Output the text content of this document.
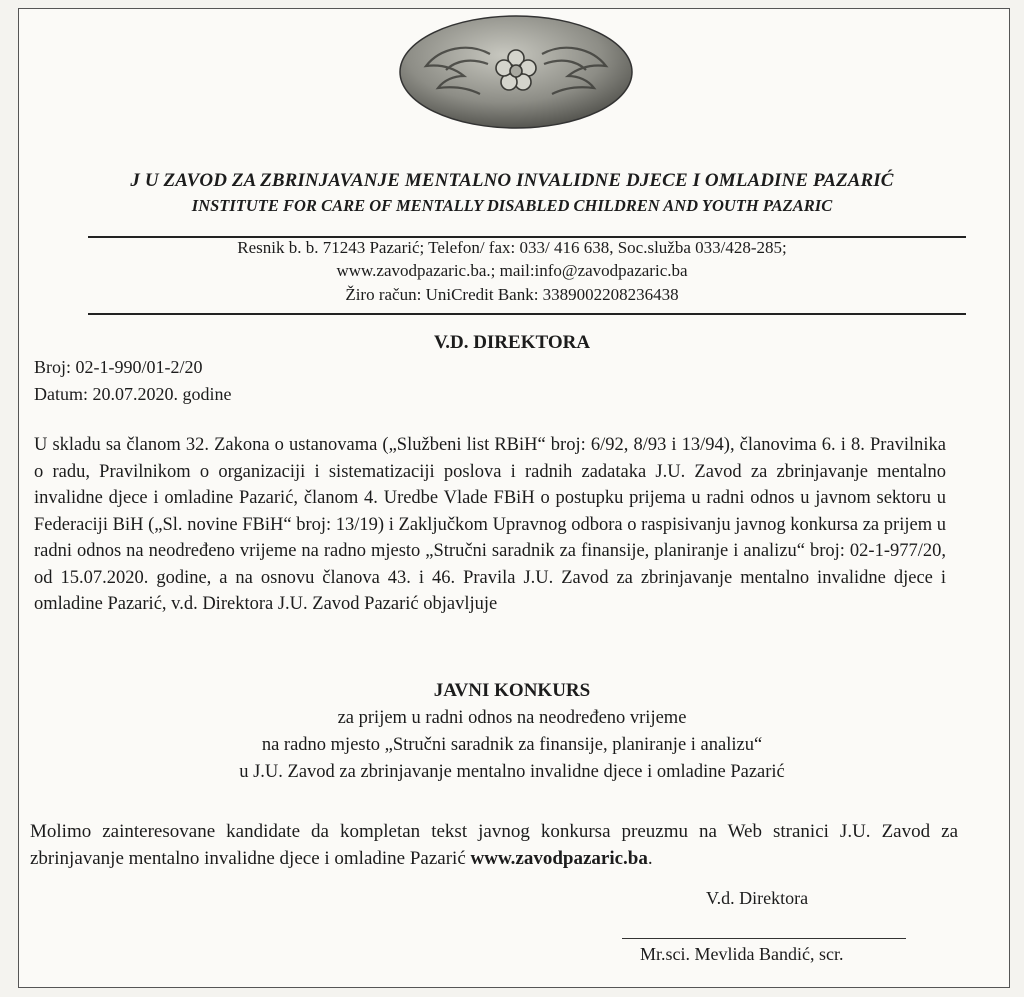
J U ZAVOD ZA ZBRINJAVANJE MENTALNO INVALIDNE DJECE I OMLADINE PAZARIĆ
INSTITUTE FOR CARE OF MENTALLY DISABLED CHILDREN AND YOUTH PAZARIC
Resnik b. b. 71243 Pazarić; Telefon/ fax: 033/ 416 638, Soc.služba 033/428-285;
www.zavodpazaric.ba.; mail:info@zavodpazaric.ba
Žiro račun: UniCredit Bank: 3389002208236438
V.D. DIREKTORA
Broj: 02-1-990/01-2/20
Datum: 20.07.2020. godine
U skladu sa članom 32. Zakona o ustanovama („Službeni list RBiH“ broj: 6/92, 8/93 i 13/94), članovima 6. i 8. Pravilnika o radu, Pravilnikom o organizaciji i sistematizaciji poslova i radnih zadataka J.U. Zavod za zbrinjavanje mentalno invalidne djece i omladine Pazarić, članom 4. Uredbe Vlade FBiH o postupku prijema u radni odnos u javnom sektoru u Federaciji BiH („Sl. novine FBiH“ broj: 13/19) i Zaključkom Upravnog odbora o raspisivanju javnog konkursa za prijem u radni odnos na neodređeno vrijeme na radno mjesto „Stručni saradnik za finansije, planiranje i analizu“ broj: 02-1-977/20, od 15.07.2020. godine, a na osnovu članova 43. i 46. Pravila J.U. Zavod za zbrinjavanje mentalno invalidne djece i omladine Pazarić, v.d. Direktora J.U. Zavod Pazarić objavljuje
JAVNI KONKURS
za prijem u radni odnos na neodređeno vrijeme
na radno mjesto „Stručni saradnik za finansije, planiranje i analizu“
u J.U. Zavod za zbrinjavanje mentalno invalidne djece i omladine Pazarić
Molimo zainteresovane kandidate da kompletan tekst javnog konkursa preuzmu na Web stranici J.U. Zavod za zbrinjavanje mentalno invalidne djece i omladine Pazarić www.zavodpazaric.ba.
V.d. Direktora
Mr.sci. Mevlida Bandić, scr.
